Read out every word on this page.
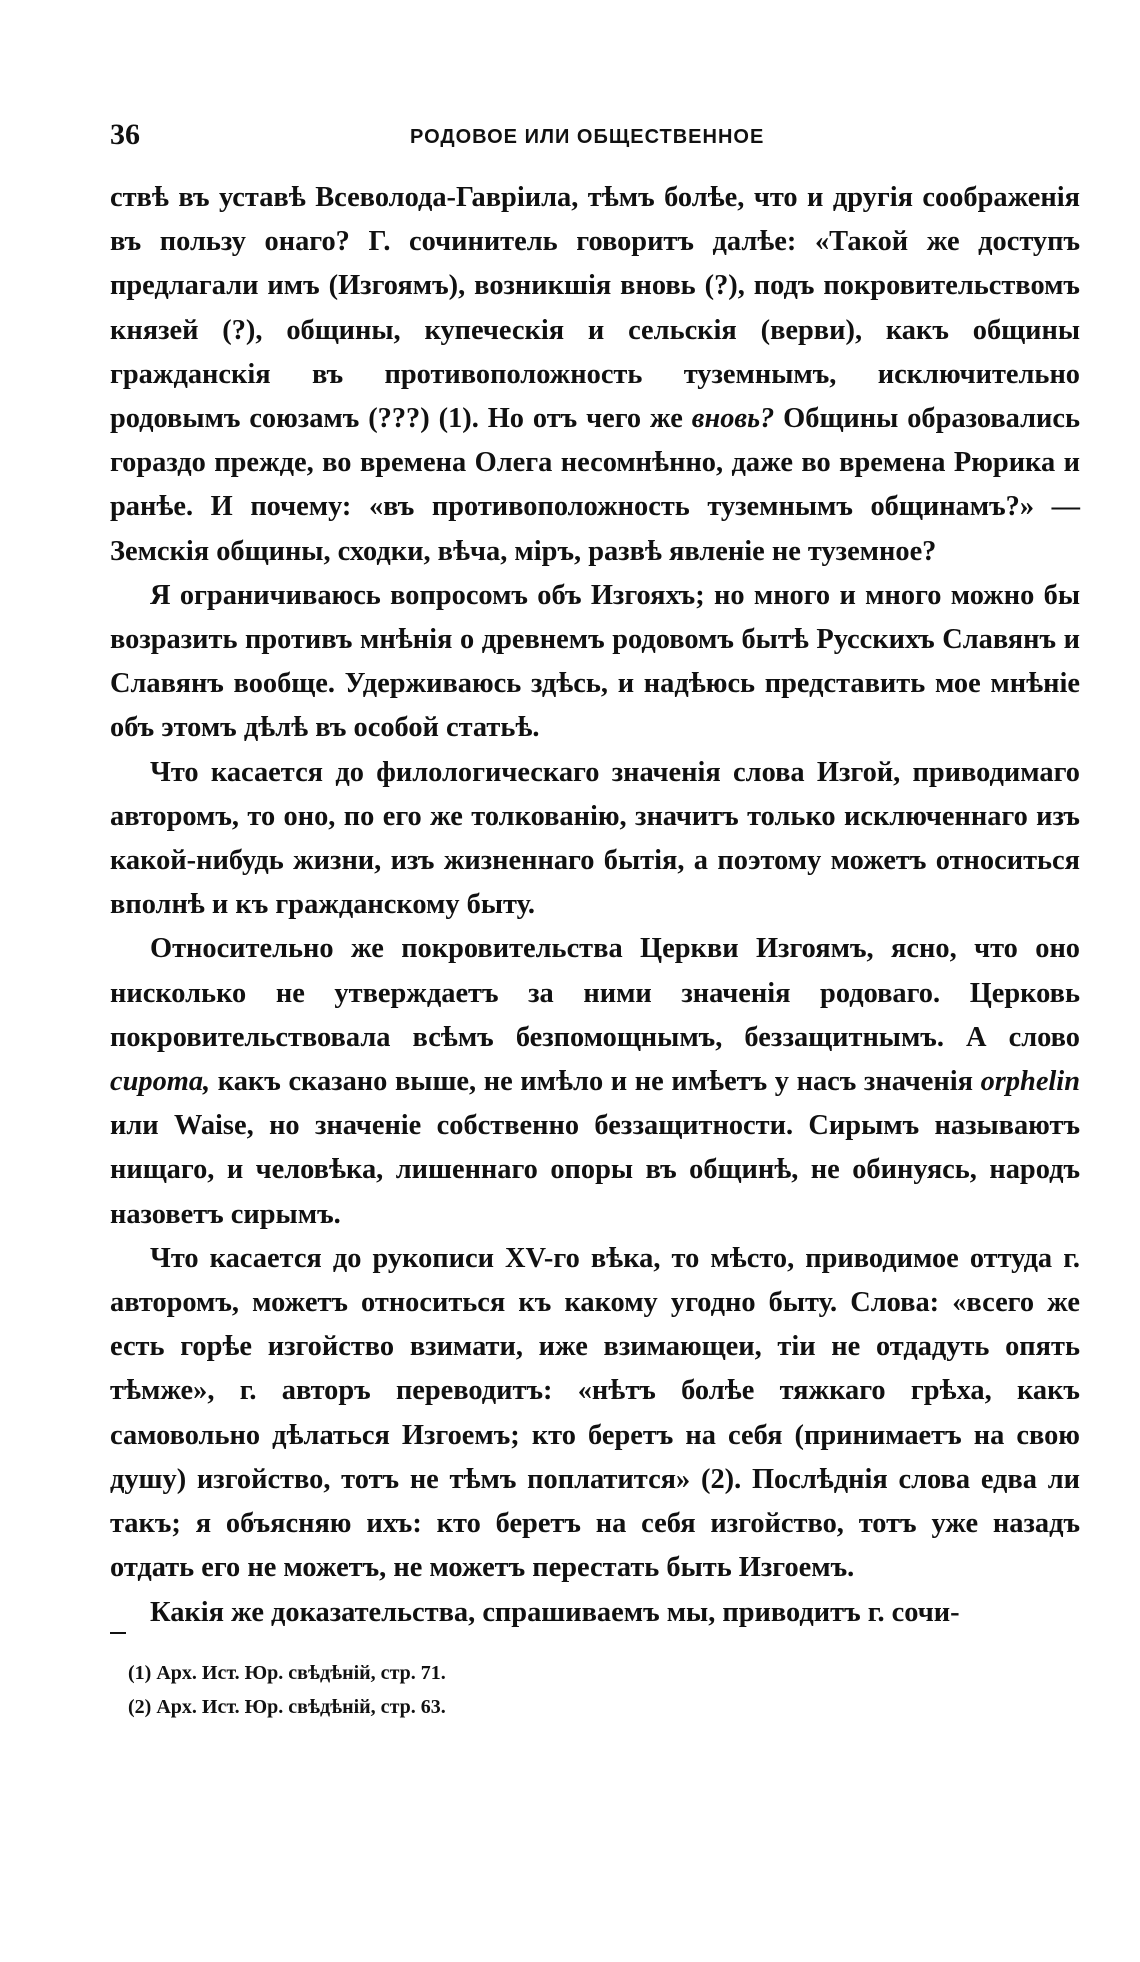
36	РОДОВОЕ ИЛИ ОБЩЕСТВЕННОЕ

ствѣ въ уставѣ Всеволода-Гаврiила, тѣмъ болѣе, что и другiя соображенiя въ пользу онаго? Г. сочинитель говоритъ далѣе: «Такой же доступъ предлагали имъ (Изгоямъ), возникшiя вновь (?), подъ покровительствомъ князей (?), общины, купеческiя и сельскiя (верви), какъ общины гражданскiя въ противоположность туземнымъ, исключительно родовымъ союзамъ (???) (1). Но отъ чего же вновь? Общины образовались гораздо прежде, во времена Олега несомнѣнно, даже во времена Рюрика и ранѣе. И почему: «въ противоположность туземнымъ общинамъ?» — Земскiя общины, сходки, вѣча, мiръ, развѣ явленiе не туземное?

Я ограничиваюсь вопросомъ объ Изгояхъ; но много и много можно бы возразить противъ мнѣнiя о древнемъ родовомъ бытѣ Русскихъ Славянъ и Славянъ вообще. Удерживаюсь здѣсь, и надѣюсь представить мое мнѣнiе объ этомъ дѣлѣ въ особой статьѣ.

Что касается до филологическаго значенiя слова Изгой, приводимаго авторомъ, то оно, по его же толкованiю, значитъ только исключеннаго изъ какой-нибудь жизни, изъ жизненнаго бытiя, а поэтому можетъ относиться вполнѣ и къ гражданскому быту.

Относительно же покровительства Церкви Изгоямъ, ясно, что оно нисколько не утверждаетъ за ними значенiя родоваго. Церковь покровительствовала всѣмъ безпомощнымъ, беззащитнымъ. А слово сирота, какъ сказано выше, не имѣло и не имѣетъ у насъ значенiя orphelin или Waise, но значенiе собственно беззащитности. Сирымъ называютъ нищаго, и человѣка, лишеннаго опоры въ общинѣ, не обинуясь, народъ назоветъ сирымъ.

Что касается до рукописи XV-го вѣка, то мѣсто, приводимое оттуда г. авторомъ, можетъ относиться къ какому угодно быту. Слова: «всего же есть горѣе изгойство взимати, иже взимающеи, тiи не отдадуть опять тѣмже», г. авторъ переводитъ: «нѣтъ болѣе тяжкаго грѣха, какъ самовольно дѣлаться Изгоемъ; кто беретъ на себя (принимаетъ на свою душу) изгойство, тотъ не тѣмъ поплатится» (2). Послѣднiя слова едва ли такъ; я объясняю ихъ: кто беретъ на себя изгойство, тотъ уже назадъ отдать его не можетъ, не можетъ перестать быть Изгоемъ.

Какiя же доказательства, спрашиваемъ мы, приводитъ г. сочи-

(1) Арх. Ист. Юр. свѣдѣнiй, стр. 71.
(2) Арх. Ист. Юр. свѣдѣнiй, стр. 63.
